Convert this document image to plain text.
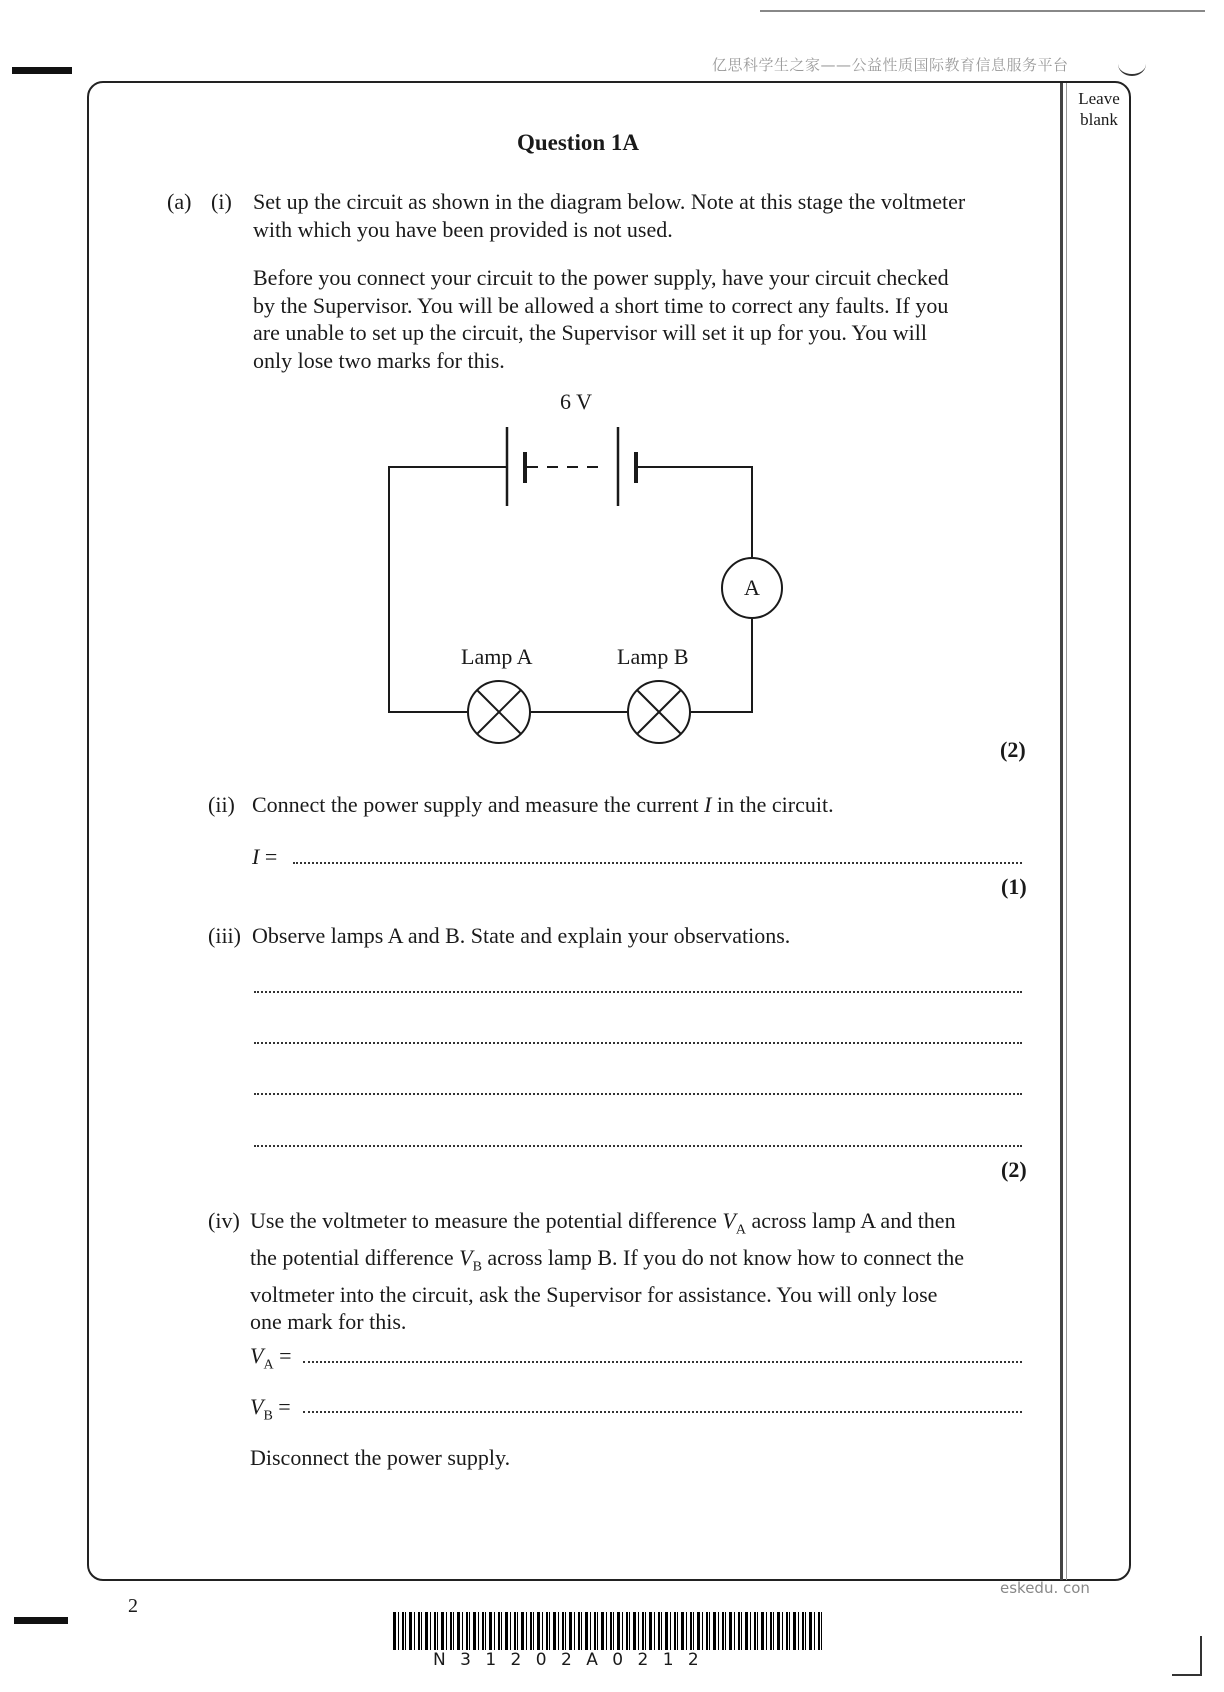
亿思科学生之家——公益性质国际教育信息服务平台
Leave
blank
Question 1A
(a) (i) Set up the circuit as shown in the diagram below. Note at this stage the voltmeter
with which you have been provided is not used.
Before you connect your circuit to the power supply, have your circuit checked
by the Supervisor. You will be allowed a short time to correct any faults. If you
are unable to set up the circuit, the Supervisor will set it up for you. You will
only lose two marks for this.
6 V
A
Lamp A	Lamp B
(2)
(ii) Connect the power supply and measure the current I in the circuit.
I =
(1)
(iii) Observe lamps A and B. State and explain your observations.
(2)
(iv) Use the voltmeter to measure the potential difference $V_A$ across lamp A and then
the potential difference $V_B$ across lamp B. If you do not know how to connect the
voltmeter into the circuit, ask the Supervisor for assistance. You will only lose
one mark for this.
$V_A$ =
$V_B$ =
Disconnect the power supply.
eskedu. con
2
N 3 1 2 0 2 A 0 2 1 2
